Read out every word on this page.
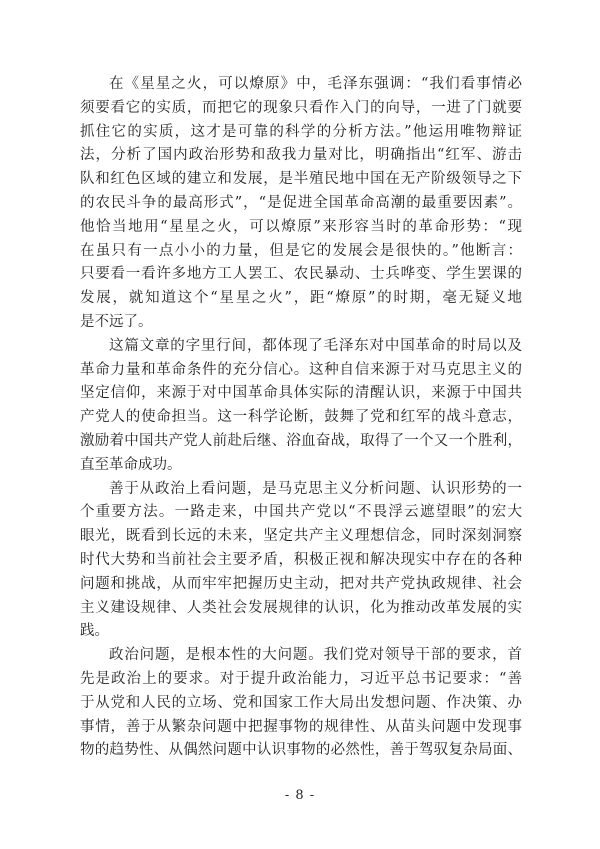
在《星星之火，可以燎原》中，毛泽东强调：“我们看事情必
须要看它的实质，而把它的现象只看作入门的向导，一进了门就要
抓住它的实质，这才是可靠的科学的分析方法。”他运用唯物辩证
法，分析了国内政治形势和敌我力量对比，明确指出“红军、游击
队和红色区域的建立和发展，是半殖民地中国在无产阶级领导之下
的农民斗争的最高形式”，“是促进全国革命高潮的最重要因素”。
他恰当地用“星星之火，可以燎原”来形容当时的革命形势：“现
在虽只有一点小小的力量，但是它的发展会是很快的。”他断言：
只要看一看许多地方工人罢工、农民暴动、士兵哗变、学生罢课的
发展，就知道这个“星星之火”，距“燎原”的时期，毫无疑义地
是不远了。
这篇文章的字里行间，都体现了毛泽东对中国革命的时局以及
革命力量和革命条件的充分信心。这种自信来源于对马克思主义的
坚定信仰，来源于对中国革命具体实际的清醒认识，来源于中国共
产党人的使命担当。这一科学论断，鼓舞了党和红军的战斗意志，
激励着中国共产党人前赴后继、浴血奋战，取得了一个又一个胜利，
直至革命成功。
善于从政治上看问题，是马克思主义分析问题、认识形势的一
个重要方法。一路走来，中国共产党以“不畏浮云遮望眼”的宏大
眼光，既看到长远的未来，坚定共产主义理想信念，同时深刻洞察
时代大势和当前社会主要矛盾，积极正视和解决现实中存在的各种
问题和挑战，从而牢牢把握历史主动，把对共产党执政规律、社会
主义建设规律、人类社会发展规律的认识，化为推动改革发展的实
践。
政治问题，是根本性的大问题。我们党对领导干部的要求，首
先是政治上的要求。对于提升政治能力，习近平总书记要求：“善
于从党和人民的立场、党和国家工作大局出发想问题、作决策、办
事情，善于从繁杂问题中把握事物的规律性、从苗头问题中发现事
物的趋势性、从偶然问题中认识事物的必然性，善于驾驭复杂局面、
- 8 -
